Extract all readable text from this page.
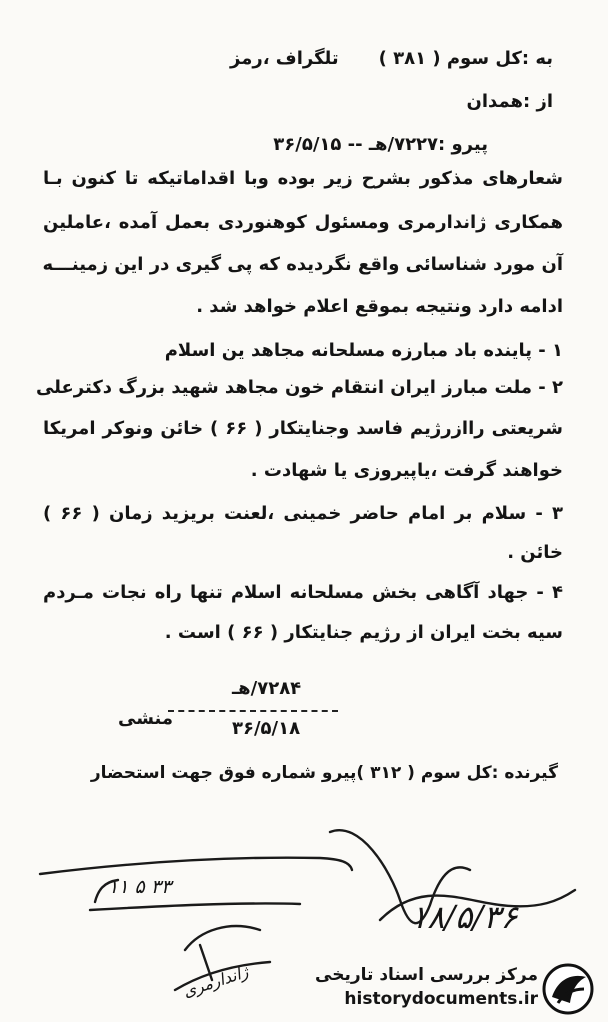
به :کل سوم ( ۳۸۱ )
تلگراف ،رمز
از :همدان
پیرو :۷۲۲۷/هـ -- ۳۶/۵/۱۵
شعارهای مذکور بشرح زیر بوده وبا اقداماتیکه تا کنون بـا
همکاری ژاندارمری ومسئول کوهنوردی بعمل آمده ،عاملین
آن مورد شناسائی واقع نگردیده که پی گیری در این زمینـــه
ادامه دارد ونتیجه بموقع اعلام خواهد شد .
۱ - پاینده باد مبارزه مسلحانه مجاهد ین اسلام
۲ - ملت مبارز ایران انتقام خون مجاهد شهید بزرگ دکترعلی
شریعتی راازرژیم فاسد وجنایتکار ( ۶۶ ) خائن ونوکر امریکا
خواهند گرفت ،یاپیروزی یا شهادت .
۳ - سلام بر امام حاضر خمینی ،لعنت بریزید زمان ( ۶۶ )
خائن .
۴ - جهاد آگاهی بخش مسلحانه اسلام تنها راه نجات مـردم
سیه بخت ایران از رژیم جنایتکار ( ۶۶ ) است .
۷۲۸۴/هـ
منشی	۳۶/۵/۱۸
گیرنده :کل سوم ( ۳۱۲ )پیرو شماره فوق جهت استحضار
۳۳ ۵ ۱۱
۱۸/۵/۳۶
ژاندارمری	مرکز بررسی اسناد تاریخی
historydocuments.ir
